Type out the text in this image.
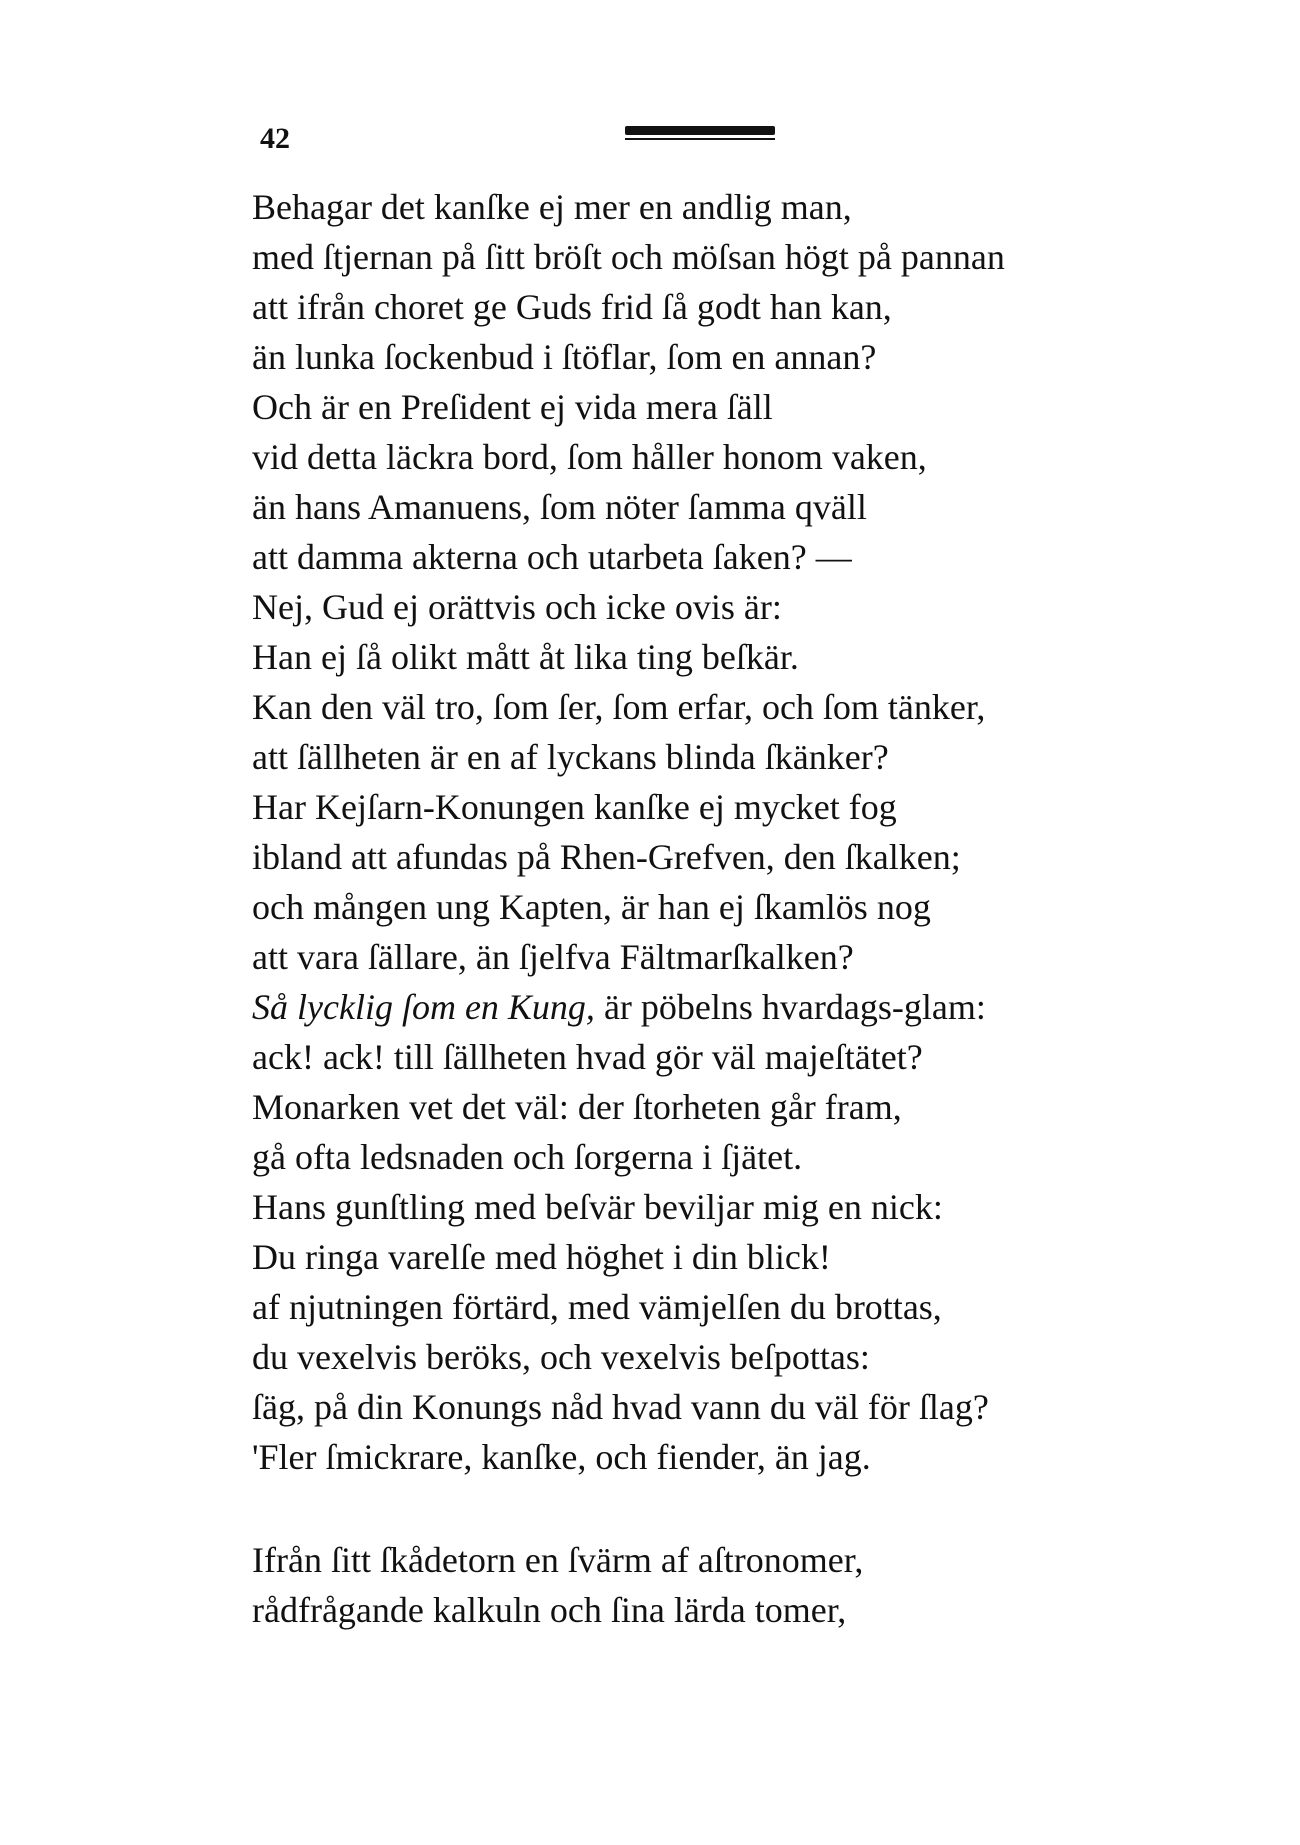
42
Behagar det kanſke ej mer en andlig man,
med ſtjernan på ſitt bröſt och möſsan högt på pannan
att ifrån choret ge Guds frid ſå godt han kan,
än lunka ſockenbud i ſtöflar, ſom en annan?
Och är en Preſident ej vida mera ſäll
vid detta läckra bord, ſom håller honom vaken,
än hans Amanuens, ſom nöter ſamma qväll
att damma akterna och utarbeta ſaken? —
Nej, Gud ej orättvis och icke ovis är:
Han ej ſå olikt mått åt lika ting beſkär.
Kan den väl tro, ſom ſer, ſom erfar, och ſom tänker,
att ſällheten är en af lyckans blinda ſkänker?
Har Kejſarn-Konungen kanſke ej mycket fog
ibland att afundas på Rhen-Grefven, den ſkalken;
och mången ung Kapten, är han ej ſkamlös nog
att vara ſällare, än ſjelfva Fältmarſkalken?
Så lycklig ſom en Kung, är pöbelns hvardags-glam:
ack! ack! till ſällheten hvad gör väl majeſtätet?
Monarken vet det väl: der ſtorheten går fram,
gå ofta ledsnaden och ſorgerna i ſjätet.
Hans gunſtling med beſvär beviljar mig en nick:
Du ringa varelſe med höghet i din blick!
af njutningen förtärd, med vämjelſen du brottas,
du vexelvis beröks, och vexelvis beſpottas:
ſäg, på din Konungs nåd hvad vann du väl för ſlag?
'Fler ſmickrare, kanſke, och fiender, än jag.
Ifrån ſitt ſkådetorn en ſvärm af aſtronomer,
rådfrågande kalkuln och ſina lärda tomer,
